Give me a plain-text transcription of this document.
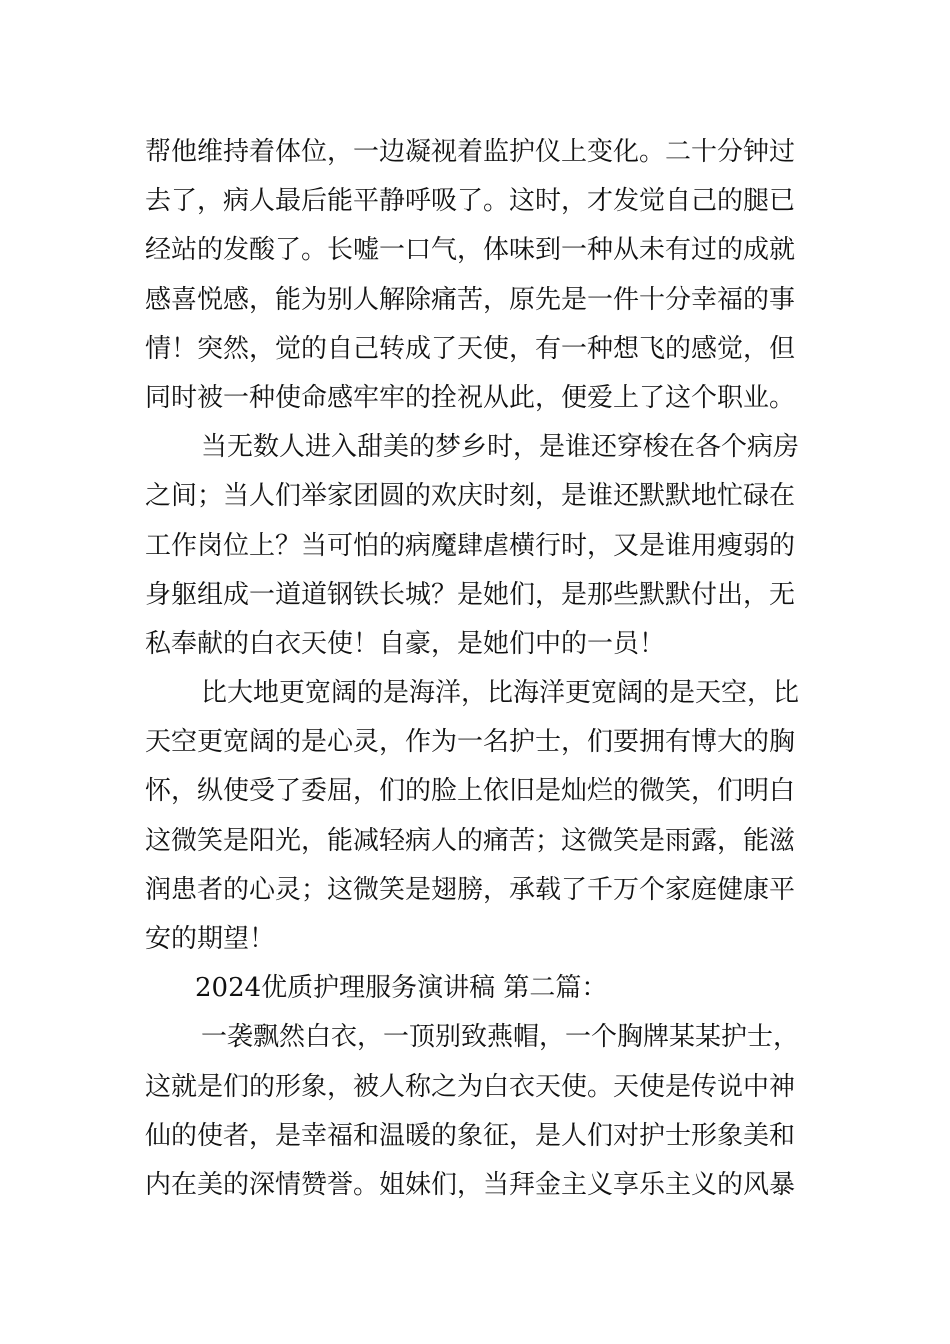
帮他维持着体位，一边凝视着监护仪上变化。二十分钟过
去了，病人最后能平静呼吸了。这时，才发觉自己的腿已
经站的发酸了。长嘘一口气，体味到一种从未有过的成就
感喜悦感，能为别人解除痛苦，原先是一件十分幸福的事
情！突然，觉的自己转成了天使，有一种想飞的感觉，但
同时被一种使命感牢牢的拴祝从此，便爱上了这个职业。
当无数人进入甜美的梦乡时，是谁还穿梭在各个病房
之间；当人们举家团圆的欢庆时刻，是谁还默默地忙碌在
工作岗位上？当可怕的病魔肆虐横行时，又是谁用瘦弱的
身躯组成一道道钢铁长城？是她们，是那些默默付出，无
私奉献的白衣天使！自豪，是她们中的一员！
比大地更宽阔的是海洋，比海洋更宽阔的是天空，比
天空更宽阔的是心灵，作为一名护士，们要拥有博大的胸
怀，纵使受了委屈，们的脸上依旧是灿烂的微笑，们明白
这微笑是阳光，能减轻病人的痛苦；这微笑是雨露，能滋
润患者的心灵；这微笑是翅膀，承载了千万个家庭健康平
安的期望！
2024优质护理服务演讲稿 第二篇：
一袭飘然白衣，一顶别致燕帽，一个胸牌某某护士，
这就是们的形象，被人称之为白衣天使。天使是传说中神
仙的使者，是幸福和温暖的象征，是人们对护士形象美和
内在美的深情赞誉。姐妹们，当拜金主义享乐主义的风暴
